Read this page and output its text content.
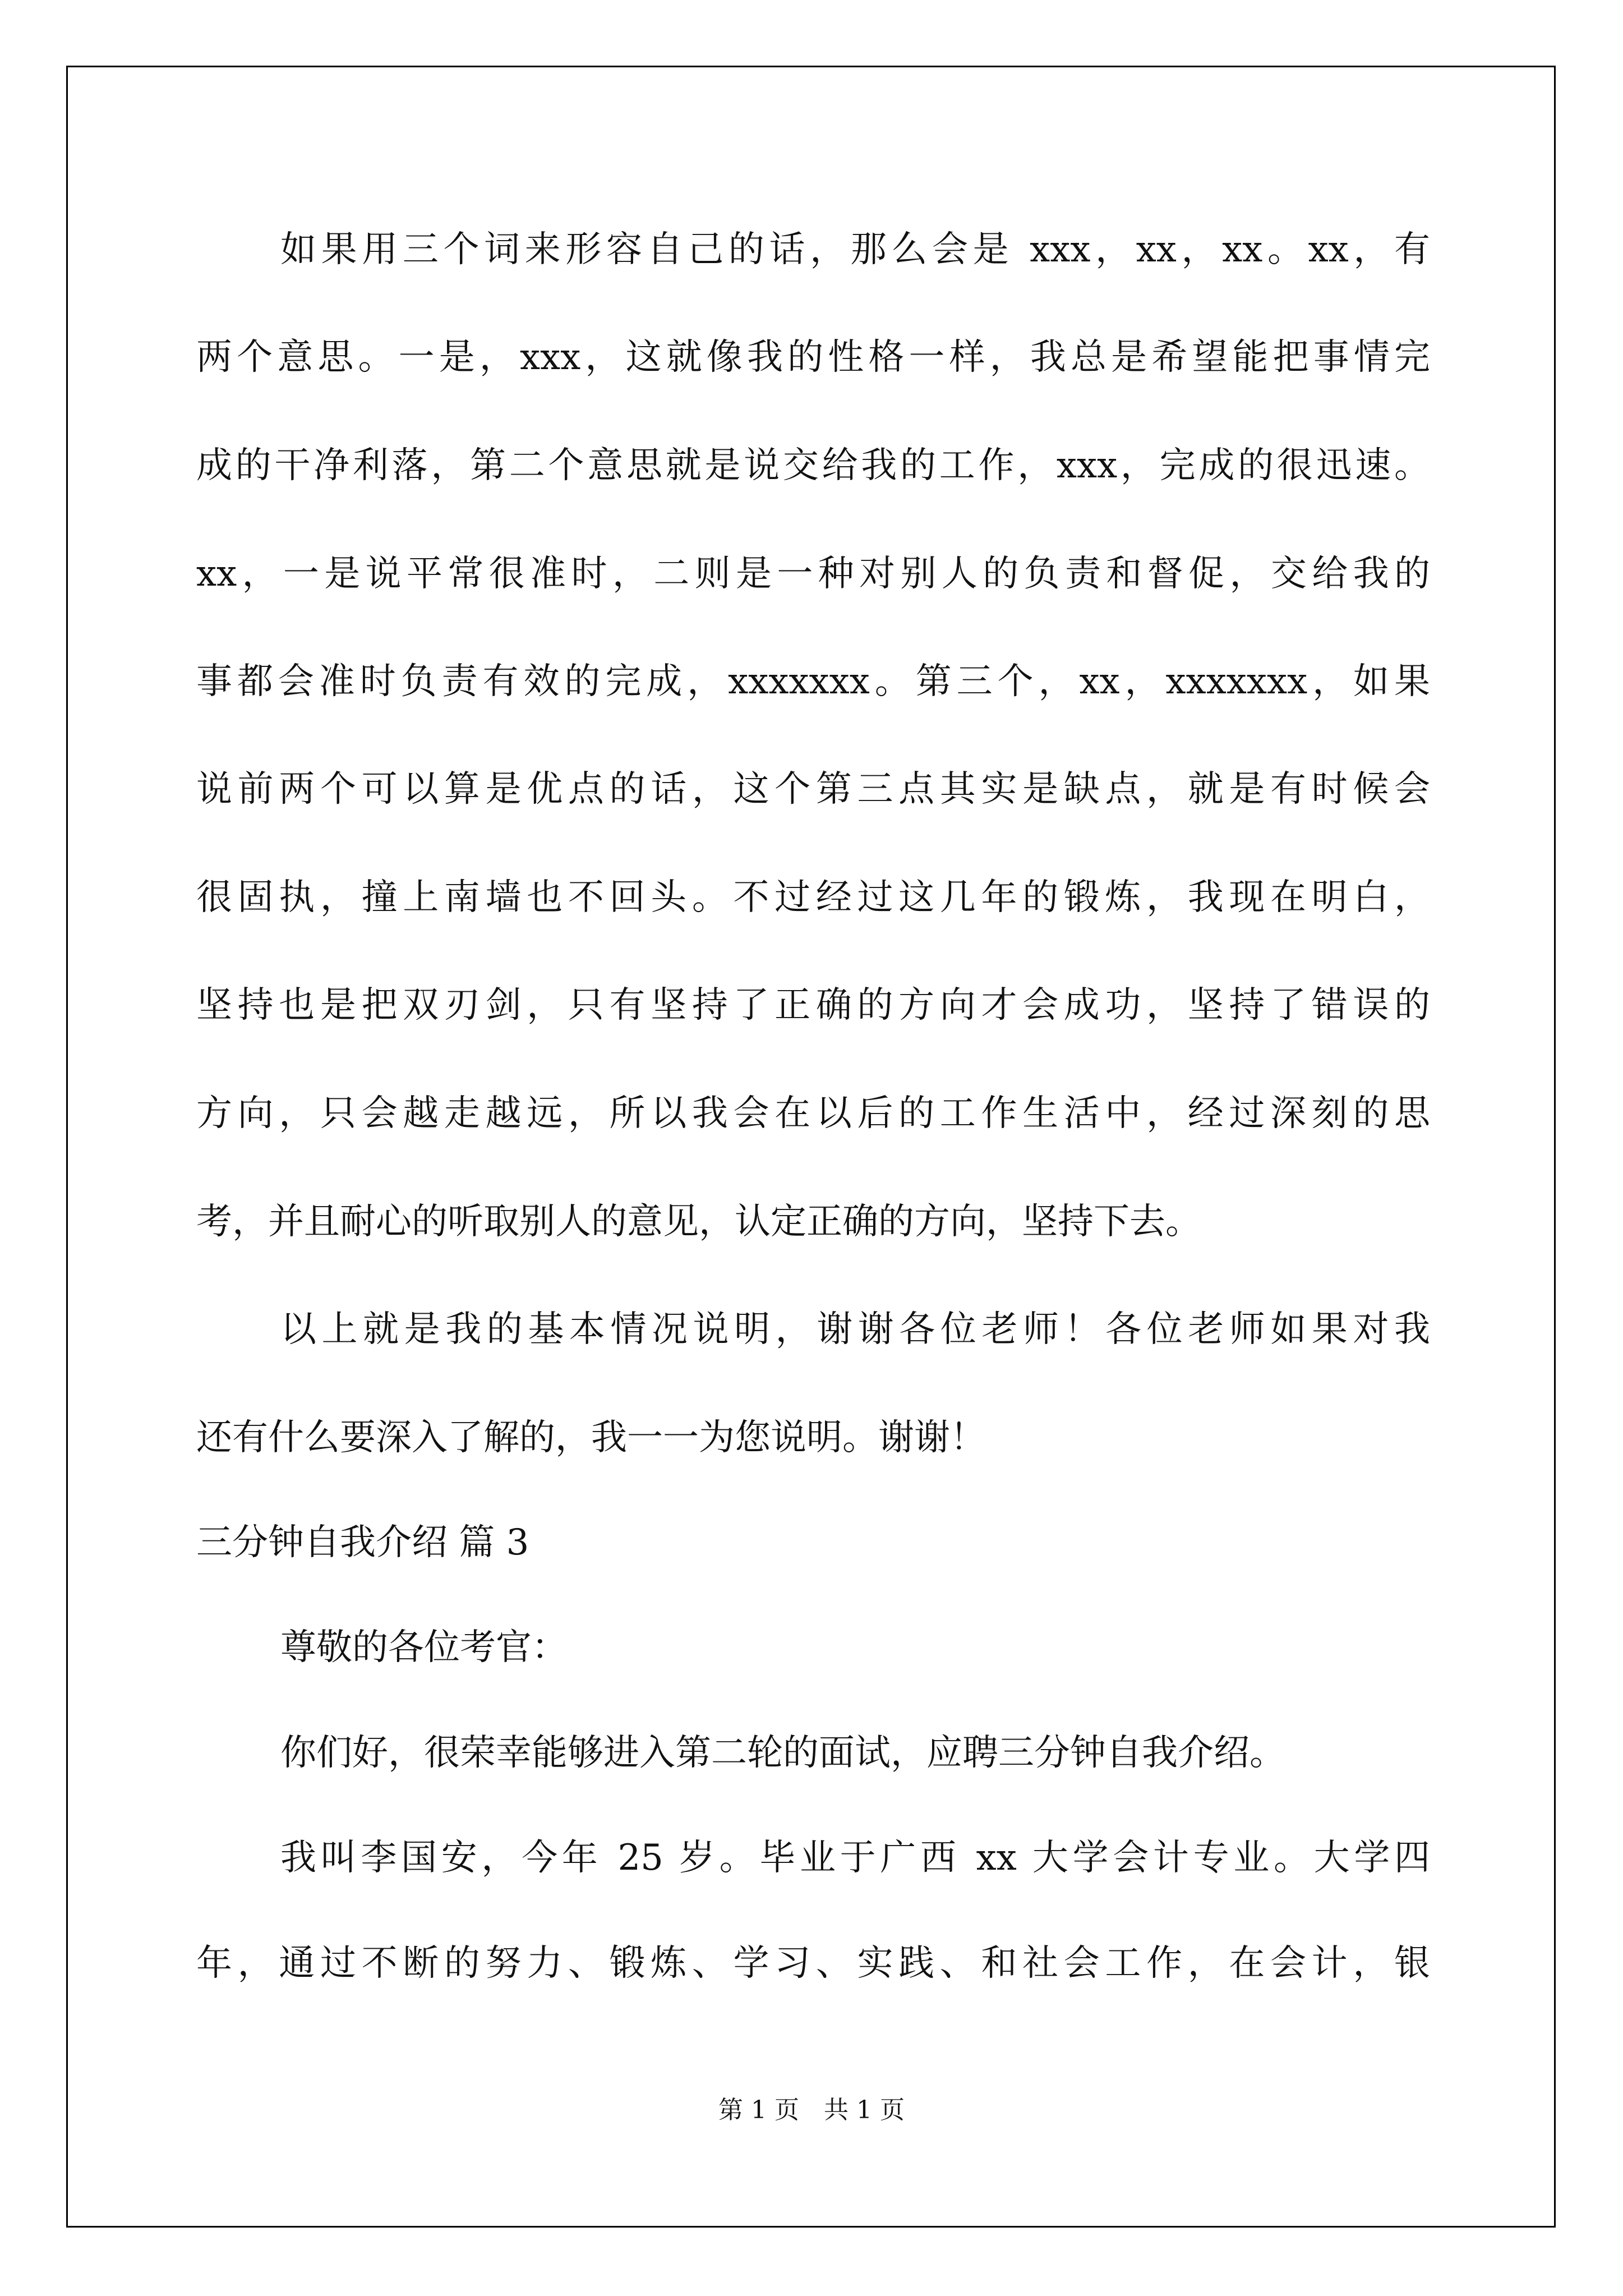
如果用三个词来形容自己的话，那么会是 xxx，xx，xx。xx，有
两个意思。一是，xxx，这就像我的性格一样，我总是希望能把事情完
成的干净利落，第二个意思就是说交给我的工作，xxx，完成的很迅速。
xx，一是说平常很准时，二则是一种对别人的负责和督促，交给我的
事都会准时负责有效的完成，xxxxxxx。第三个，xx，xxxxxxx，如果
说前两个可以算是优点的话，这个第三点其实是缺点，就是有时候会
很固执，撞上南墙也不回头。不过经过这几年的锻炼，我现在明白，
坚持也是把双刃剑，只有坚持了正确的方向才会成功，坚持了错误的
方向，只会越走越远，所以我会在以后的工作生活中，经过深刻的思
考，并且耐心的听取别人的意见，认定正确的方向，坚持下去。
以上就是我的基本情况说明，谢谢各位老师！各位老师如果对我
还有什么要深入了解的，我一一为您说明。谢谢！
三分钟自我介绍 篇 3
尊敬的各位考官：
你们好，很荣幸能够进入第二轮的面试，应聘三分钟自我介绍。
我叫李国安，今年 25 岁。毕业于广西 xx 大学会计专业。大学四
年，通过不断的努力、锻炼、学习、实践、和社会工作，在会计，银
第 1 页　共 1 页
